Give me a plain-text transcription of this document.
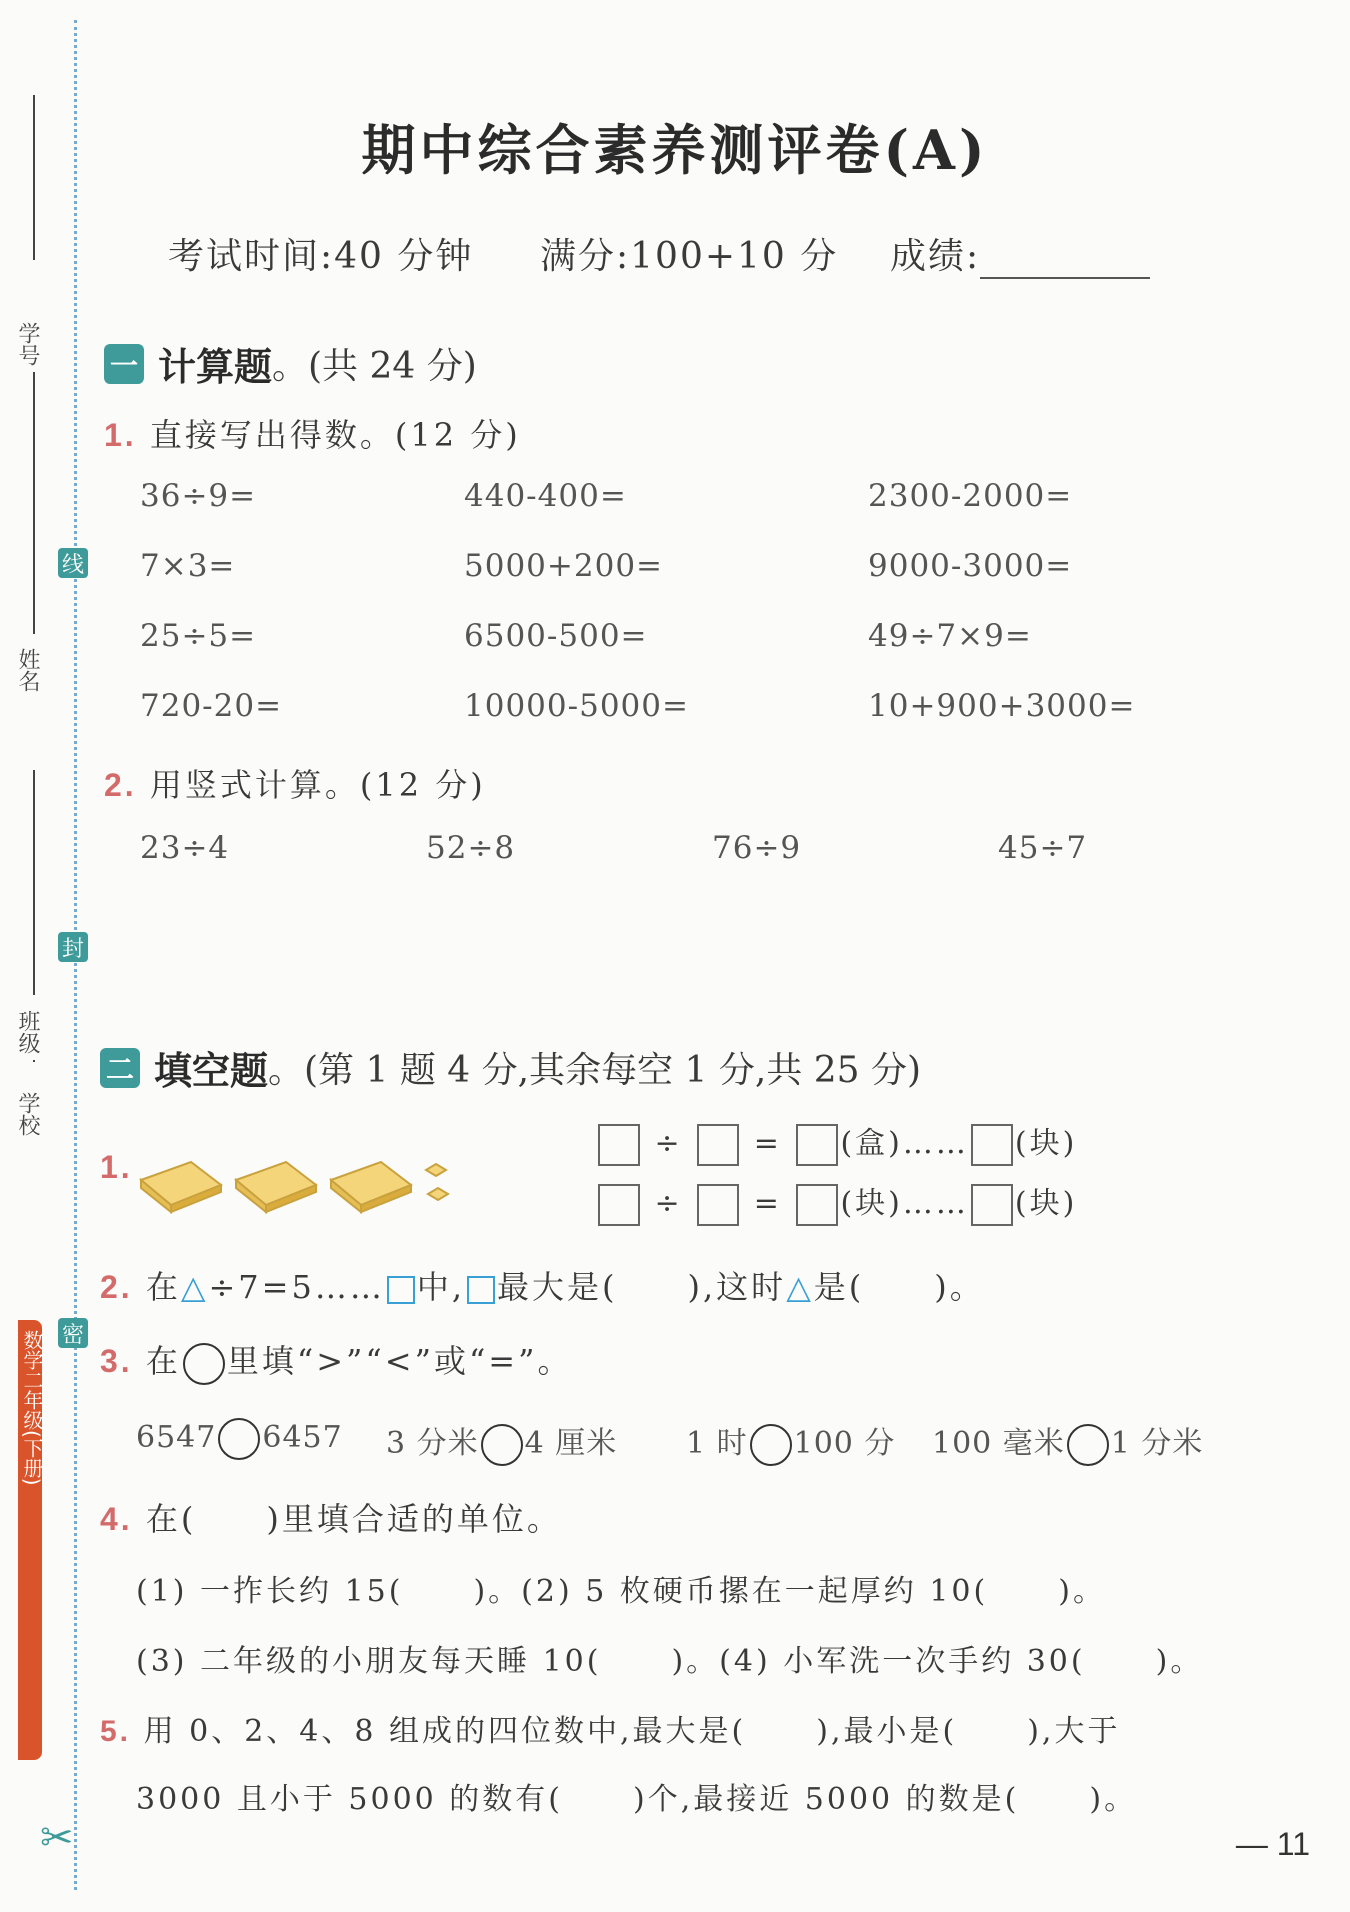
学号
姓名
班级
学校
数学二年级(下册)
线
封
密
✂
期中综合素养测评卷(A)
考试时间:40 分钟 满分:100+10 分 成绩:
一 计算题 。(共 24 分)
1. 直接写出得数。(12 分)
36÷9=	440-400=	2300-2000=
7×3=	5000+200=	9000-3000=
25÷5=	6500-500=	49÷7×9=
720-20=	10000-5000=	10+900+3000=
2. 用竖式计算。(12 分)
23÷4	52÷8	76÷9	45÷7
二 填空题 。(第 1 题 4 分,其余每空 1 分,共 25 分)
1.
÷  = (盒)…… (块)
÷  = (块)…… (块)
2. 在△÷7=5…… 中, 最大是( ),这时△是( )。
3. 在 里填“>”“<”或“=”。
6547 6457 3 分米 4 厘米 1 时 100 分 100 毫米 1 分米
4. 在( )里填合适的单位。
(1) 一拃长约 15( )。(2) 5 枚硬币摞在一起厚约 10( )。
(3) 二年级的小朋友每天睡 10( )。(4) 小军洗一次手约 30( )。
5. 用 0、2、4、8 组成的四位数中,最大是( ),最小是( ),大于
3000 且小于 5000 的数有( )个,最接近 5000 的数是( )。
— 11
